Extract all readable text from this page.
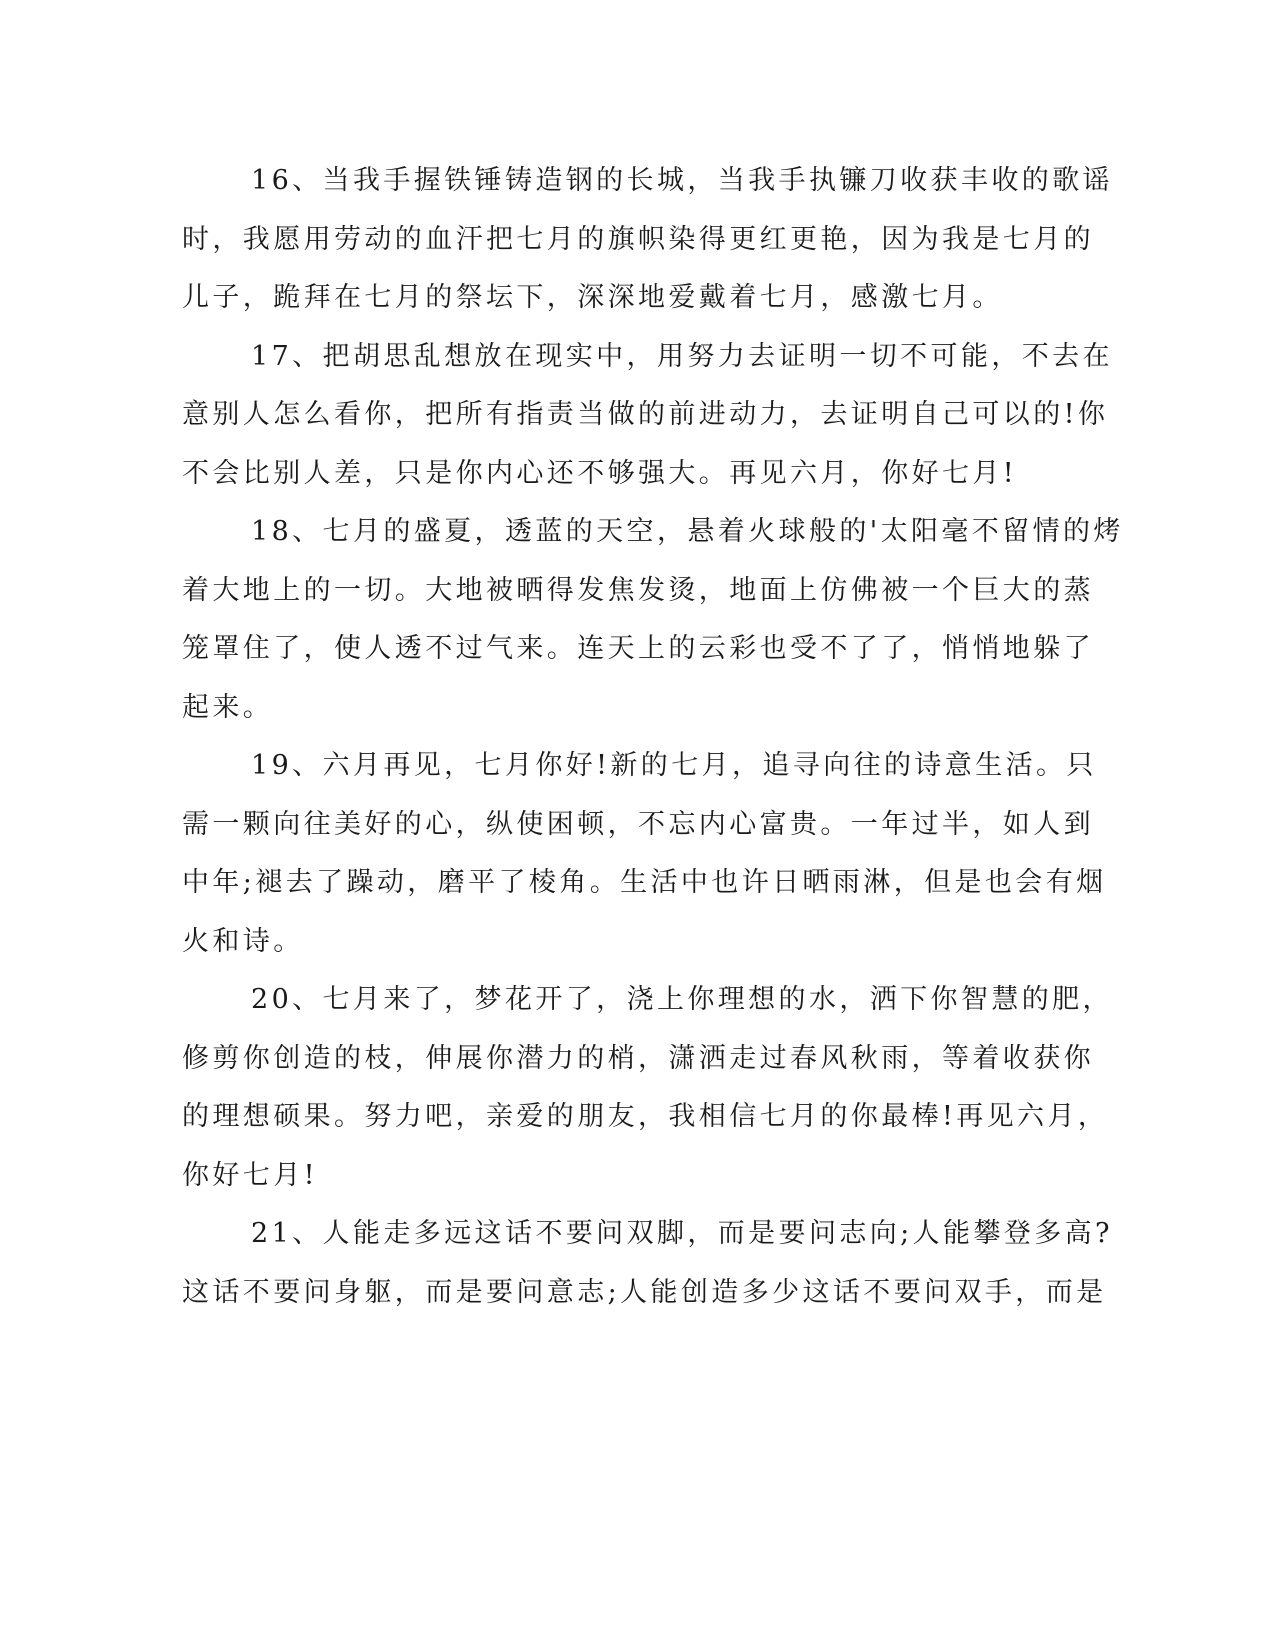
16、当我手握铁锤铸造钢的长城，当我手执镰刀收获丰收的歌谣
时，我愿用劳动的血汗把七月的旗帜染得更红更艳，因为我是七月的
儿子，跪拜在七月的祭坛下，深深地爱戴着七月，感激七月。
17、把胡思乱想放在现实中，用努力去证明一切不可能，不去在
意别人怎么看你，把所有指责当做的前进动力，去证明自己可以的!你
不会比别人差，只是你内心还不够强大。再见六月，你好七月!
18、七月的盛夏，透蓝的天空，悬着火球般的'太阳毫不留情的烤
着大地上的一切。大地被晒得发焦发烫，地面上仿佛被一个巨大的蒸
笼罩住了，使人透不过气来。连天上的云彩也受不了了，悄悄地躲了
起来。
19、六月再见，七月你好!新的七月，追寻向往的诗意生活。只
需一颗向往美好的心，纵使困顿，不忘内心富贵。一年过半，如人到
中年;褪去了躁动，磨平了棱角。生活中也许日晒雨淋，但是也会有烟
火和诗。
20、七月来了，梦花开了，浇上你理想的水，洒下你智慧的肥，
修剪你创造的枝，伸展你潜力的梢，潇洒走过春风秋雨，等着收获你
的理想硕果。努力吧，亲爱的朋友，我相信七月的你最棒!再见六月，
你好七月!
21、人能走多远这话不要问双脚，而是要问志向;人能攀登多高?
这话不要问身躯，而是要问意志;人能创造多少这话不要问双手，而是
